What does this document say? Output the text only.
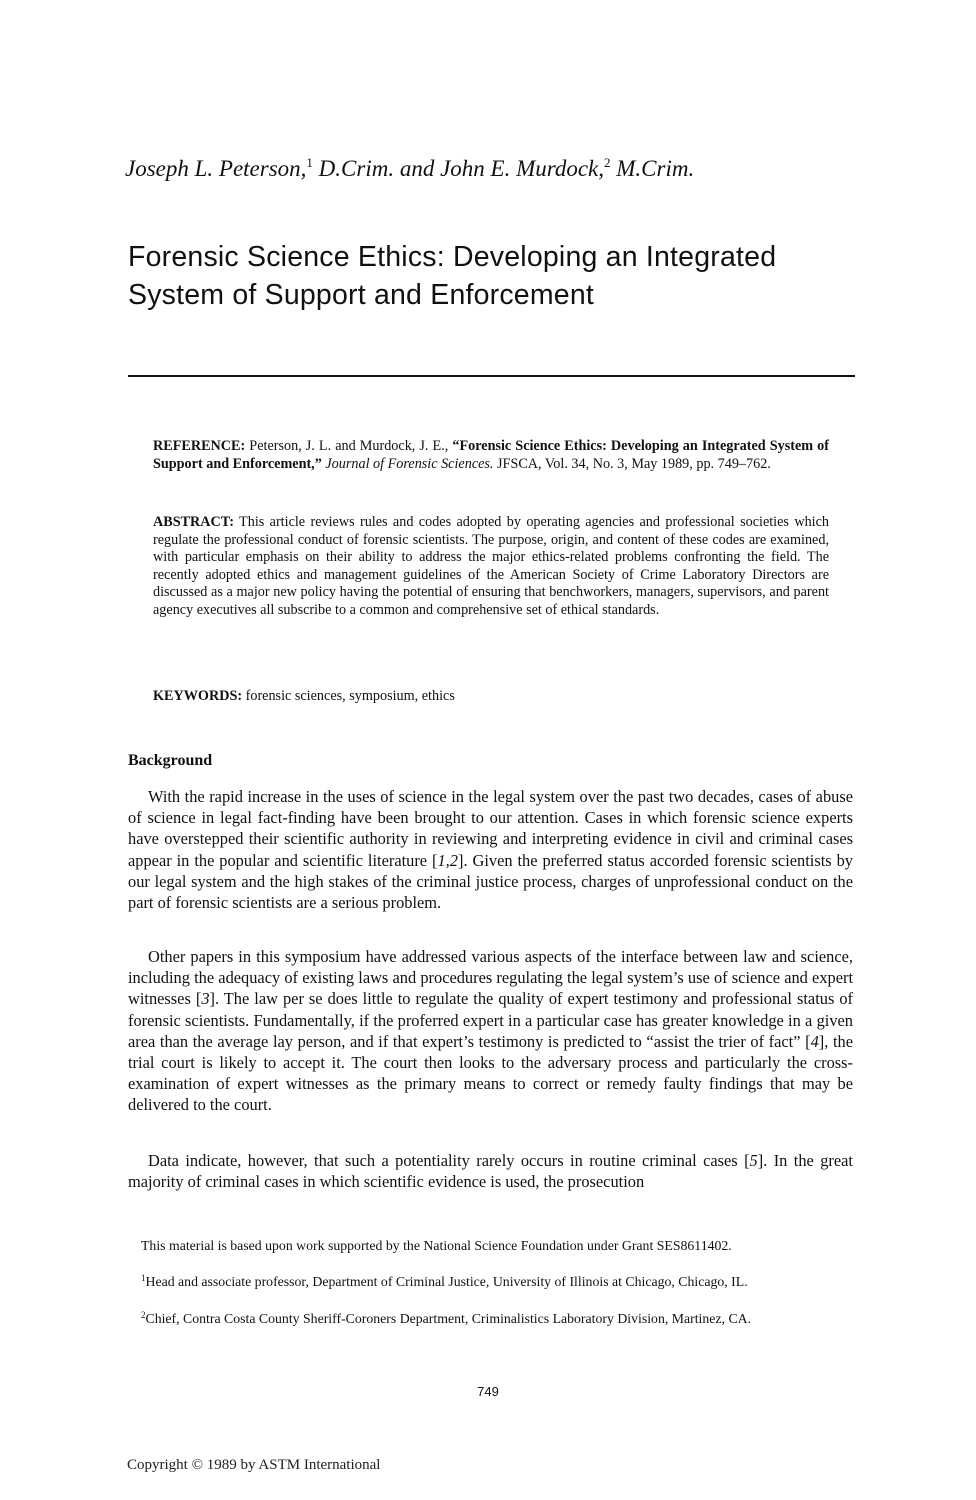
Joseph L. Peterson,$^1$ D.Crim. and John E. Murdock,$^2$ M.Crim.
Forensic Science Ethics: Developing an Integrated
System of Support and Enforcement

REFERENCE: Peterson, J. L. and Murdock, J. E., “Forensic Science Ethics: Developing an Integrated System of Support and Enforcement,” Journal of Forensic Sciences. JFSCA, Vol. 34, No. 3, May 1989, pp. 749–762.

ABSTRACT: This article reviews rules and codes adopted by operating agencies and professional societies which regulate the professional conduct of forensic scientists. The purpose, origin, and content of these codes are examined, with particular emphasis on their ability to address the major ethics-related problems confronting the field. The recently adopted ethics and management guidelines of the American Society of Crime Laboratory Directors are discussed as a major new policy having the potential of ensuring that benchworkers, managers, supervisors, and parent agency executives all subscribe to a common and comprehensive set of ethical standards.

KEYWORDS: forensic sciences, symposium, ethics

Background

With the rapid increase in the uses of science in the legal system over the past two decades, cases of abuse of science in legal fact-finding have been brought to our attention. Cases in which forensic science experts have overstepped their scientific authority in reviewing and interpreting evidence in civil and criminal cases appear in the popular and scientific literature [1,2]. Given the preferred status accorded forensic scientists by our legal system and the high stakes of the criminal justice process, charges of unprofessional conduct on the part of forensic scientists are a serious problem.

Other papers in this symposium have addressed various aspects of the interface between law and science, including the adequacy of existing laws and procedures regulating the legal system’s use of science and expert witnesses [3]. The law per se does little to regulate the quality of expert testimony and professional status of forensic scientists. Fundamentally, if the proferred expert in a particular case has greater knowledge in a given area than the average lay person, and if that expert’s testimony is predicted to “assist the trier of fact” [4], the trial court is likely to accept it. The court then looks to the adversary process and particularly the cross-examination of expert witnesses as the primary means to correct or remedy faulty findings that may be delivered to the court.

Data indicate, however, that such a potentiality rarely occurs in routine criminal cases [5]. In the great majority of criminal cases in which scientific evidence is used, the prosecution

This material is based upon work supported by the National Science Foundation under Grant SES8611402.

$^1$Head and associate professor, Department of Criminal Justice, University of Illinois at Chicago, Chicago, IL.

$^2$Chief, Contra Costa County Sheriff-Coroners Department, Criminalistics Laboratory Division, Martinez, CA.

749
Copyright © 1989 by ASTM International
